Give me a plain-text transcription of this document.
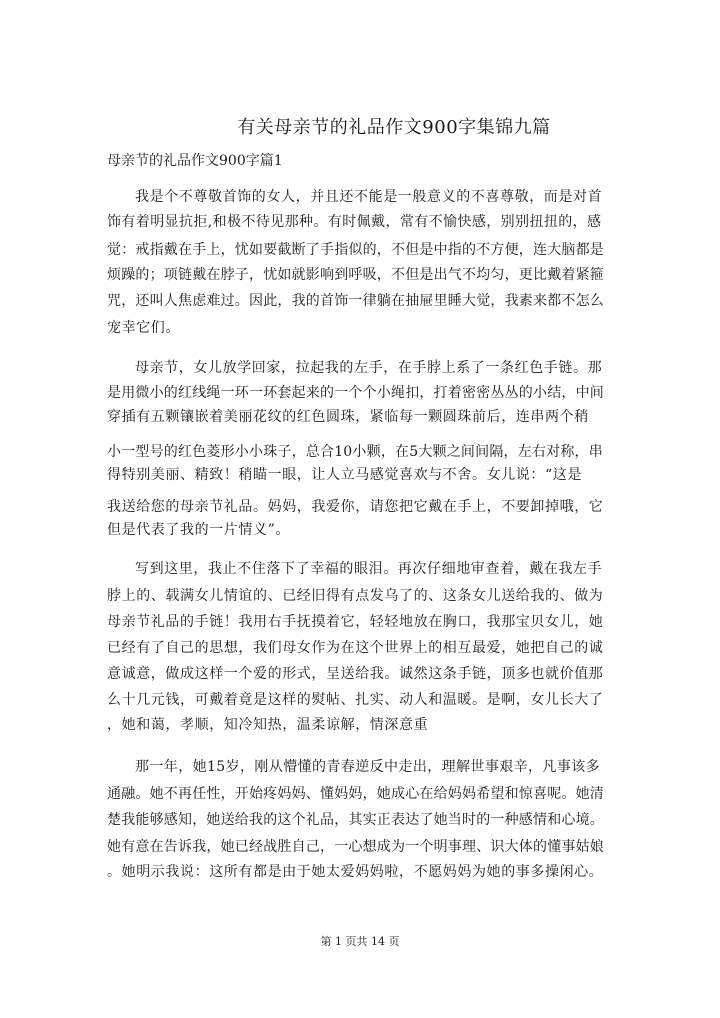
有关母亲节的礼品作文900字集锦九篇
母亲节的礼品作文900字篇1
我是个不尊敬首饰的女人，并且还不能是一般意义的不喜尊敬，而是对首
饰有着明显抗拒,和极不待见那种。有时佩戴，常有不愉快感，别别扭扭的，感
觉：戒指戴在手上，忧如要截断了手指似的，不但是中指的不方便，连大脑都是
烦躁的；项链戴在脖子，忧如就影响到呼吸，不但是出气不均匀，更比戴着紧箍
咒，还叫人焦虑难过。因此，我的首饰一律躺在抽屉里睡大觉，我素来都不怎么
宠幸它们。
母亲节，女儿放学回家，拉起我的左手，在手脖上系了一条红色手链。那
是用微小的红线绳一环一环套起来的一个个小绳扣，打着密密丛丛的小结，中间
穿插有五颗镶嵌着美丽花纹的红色圆珠，紧临每一颗圆珠前后，连串两个稍
小一型号的红色菱形小小珠子，总合10小颗，在5大颗之间间隔，左右对称，串
得特别美丽、精致！稍瞄一眼，让人立马感觉喜欢与不舍。女儿说：“这是
我送给您的母亲节礼品。妈妈，我爱你，请您把它戴在手上，不要卸掉哦，它
但是代表了我的一片情义”。
写到这里，我止不住落下了幸福的眼泪。再次仔细地审查着，戴在我左手
脖上的、载满女儿情谊的、已经旧得有点发乌了的、这条女儿送给我的、做为
母亲节礼品的手链！我用右手抚摸着它，轻轻地放在胸口，我那宝贝女儿，她
已经有了自己的思想，我们母女作为在这个世界上的相互最爱，她把自己的诚
意诚意，做成这样一个爱的形式，呈送给我。诚然这条手链，顶多也就价值那
么十几元钱，可戴着竟是这样的熨帖、扎实、动人和温暖。是啊，女儿长大了
，她和蔼，孝顺，知冷知热，温柔谅解，情深意重
那一年，她15岁，刚从懵懂的青春逆反中走出，理解世事艰辛，凡事该多
通融。她不再任性，开始疼妈妈、懂妈妈，她成心在给妈妈希望和惊喜呢。她清
楚我能够感知，她送给我的这个礼品，其实正表达了她当时的一种感情和心境。
她有意在告诉我，她已经战胜自己，一心想成为一个明事理、识大体的懂事姑娘
。她明示我说：这所有都是由于她太爱妈妈啦，不愿妈妈为她的事多操闲心。
第 1 页共 14 页
